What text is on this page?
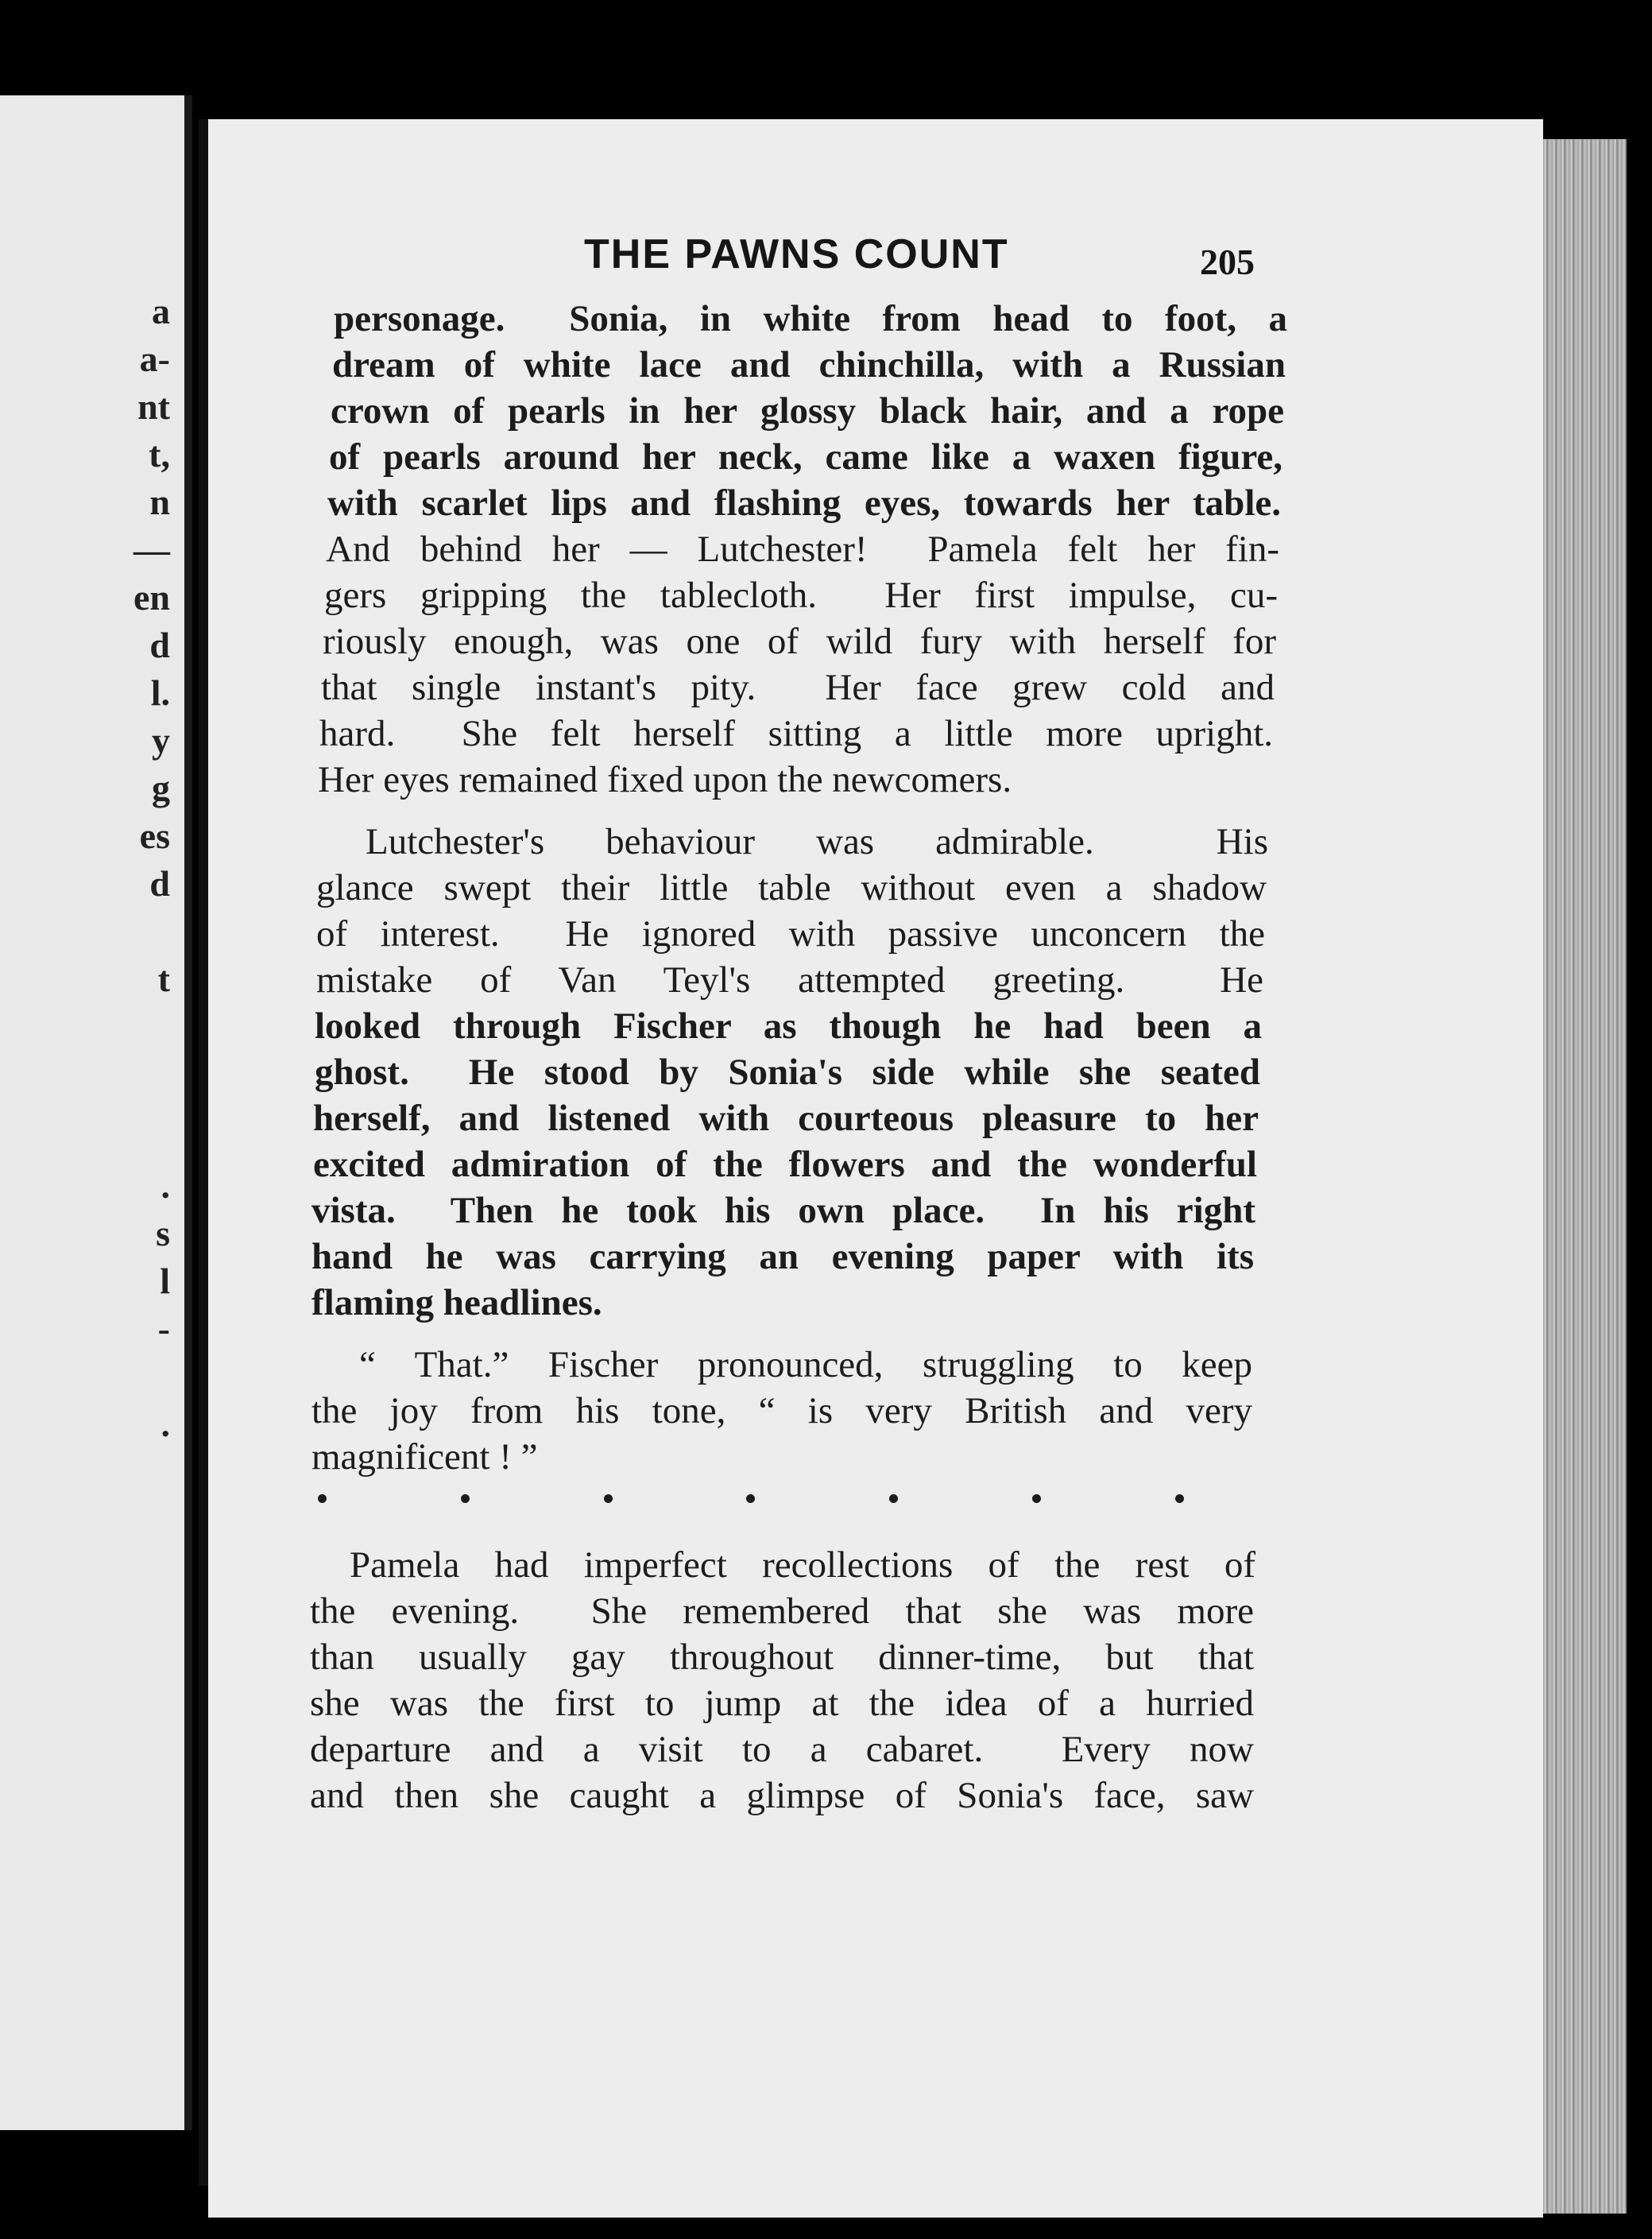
a
a-
nt
t,
n
—
en
d
l.
y
g
es
d
t
.
s
l
-
.
THE PAWNS COUNT	205
personage.  Sonia, in white from head to foot, a
dream of white lace and chinchilla, with a Russian
crown of pearls in her glossy black hair, and a rope
of pearls around her neck, came like a waxen figure,
with scarlet lips and flashing eyes, towards her table.
And behind her — Lutchester!  Pamela felt her fin-
gers gripping the tablecloth.  Her first impulse, cu-
riously enough, was one of wild fury with herself for
that single instant's pity.  Her face grew cold and
hard.  She felt herself sitting a little more upright.
Her eyes remained fixed upon the newcomers.
Lutchester's behaviour was admirable.  His
glance swept their little table without even a shadow
of interest.  He ignored with passive unconcern the
mistake of Van Teyl's attempted greeting.  He
looked through Fischer as though he had been a
ghost.  He stood by Sonia's side while she seated
herself, and listened with courteous pleasure to her
excited admiration of the flowers and the wonderful
vista.  Then he took his own place.  In his right
hand he was carrying an evening paper with its
flaming headlines.
“ That.” Fischer pronounced, struggling to keep
the joy from his tone, “ is very British and very
magnificent ! ”
Pamela had imperfect recollections of the rest of
the evening.  She remembered that she was more
than usually gay throughout dinner-time, but that
she was the first to jump at the idea of a hurried
departure and a visit to a cabaret.  Every now
and then she caught a glimpse of Sonia's face, saw
